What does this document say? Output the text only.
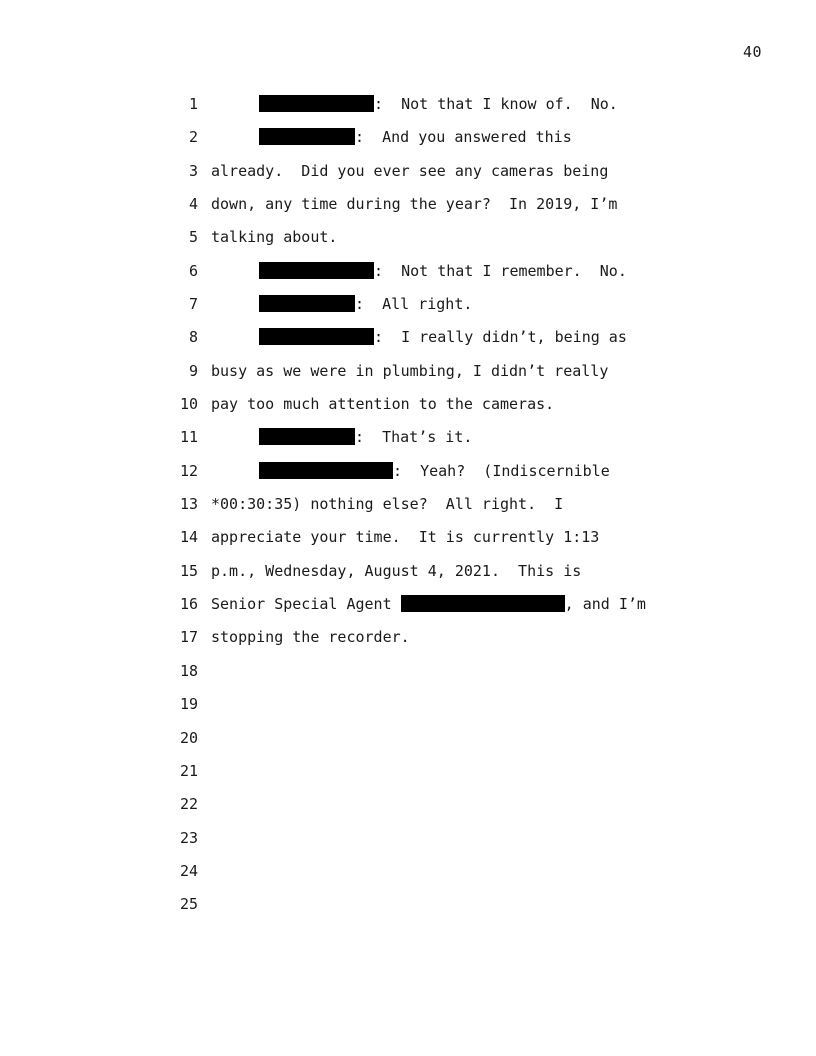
40
1	:  Not that I know of.  No.
2	:  And you answered this
3 already.  Did you ever see any cameras being
4 down, any time during the year?  In 2019, I’m
5 talking about.
6	:  Not that I remember.  No.
7	:  All right.
8	:  I really didn’t, being as
9 busy as we were in plumbing, I didn’t really
10 pay too much attention to the cameras.
11	:  That’s it.
12	:  Yeah?  (Indiscernible
13 *00:30:35) nothing else?  All right.  I
14 appreciate your time.  It is currently 1:13
15 p.m., Wednesday, August 4, 2021.  This is
16 Senior Special Agent	, and I’m
17 stopping the recorder.
18
19
20
21
22
23
24
25
